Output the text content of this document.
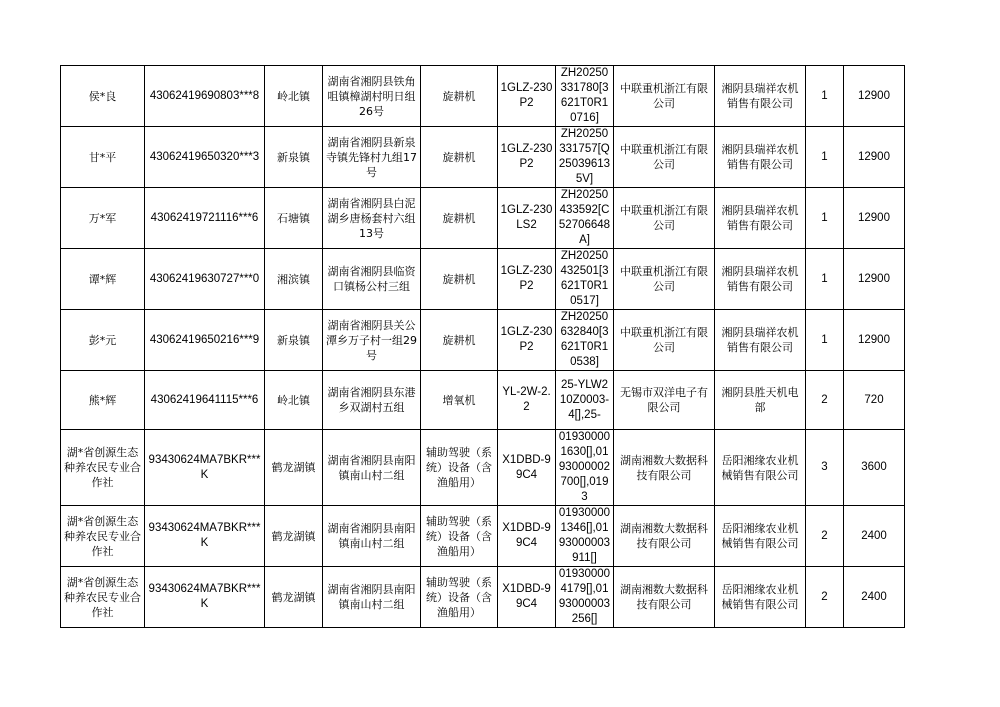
侯*良	43062419690803***8	岭北镇	湖南省湘阴县铁角咀镇樟湖村明日组26号	旋耕机	1GLZ-230P2	ZH20250331780[3621T0R10716]	中联重机浙江有限公司	湘阴县瑞祥农机销售有限公司	1	12900
甘*平	43062419650320***3	新泉镇	湖南省湘阴县新泉寺镇先锋村九组17号	旋耕机	1GLZ-230P2	ZH20250331757[Q250396135V]	中联重机浙江有限公司	湘阴县瑞祥农机销售有限公司	1	12900
万*军	43062419721116***6	石塘镇	湖南省湘阴县白泥湖乡唐杨套村六组13号	旋耕机	1GLZ-230LS2	ZH20250433592[C52706648A]	中联重机浙江有限公司	湘阴县瑞祥农机销售有限公司	1	12900
谭*辉	43062419630727***0	湘滨镇	湖南省湘阴县临资口镇杨公村三组	旋耕机	1GLZ-230P2	ZH20250432501[3621T0R10517]	中联重机浙江有限公司	湘阴县瑞祥农机销售有限公司	1	12900
彭*元	43062419650216***9	新泉镇	湖南省湘阴县关公潭乡万子村一组29号	旋耕机	1GLZ-230P2	ZH20250632840[3621T0R10538]	中联重机浙江有限公司	湘阴县瑞祥农机销售有限公司	1	12900
熊*辉	43062419641115***6	岭北镇	湖南省湘阴县东港乡双湖村五组	增氧机	YL-2W-2.2	25-YLW210Z0003-4[],25-	无锡市双洋电子有限公司	湘阴县胜天机电部	2	720
湖*省创源生态种养农民专业合作社	93430624MA7BKR***K	鹤龙湖镇	湖南省湘阴县南阳镇南山村二组	辅助驾驶（系统）设备（含渔船用）	X1DBD-99C4	019300001630[],0193000002700[],0193	湖南湘数大数据科技有限公司	岳阳湘缘农业机械销售有限公司	3	3600
湖*省创源生态种养农民专业合作社	93430624MA7BKR***K	鹤龙湖镇	湖南省湘阴县南阳镇南山村二组	辅助驾驶（系统）设备（含渔船用）	X1DBD-99C4	019300001346[],0193000003911[]	湖南湘数大数据科技有限公司	岳阳湘缘农业机械销售有限公司	2	2400
湖*省创源生态种养农民专业合作社	93430624MA7BKR***K	鹤龙湖镇	湖南省湘阴县南阳镇南山村二组	辅助驾驶（系统）设备（含渔船用）	X1DBD-99C4	019300004179[],0193000003256[]	湖南湘数大数据科技有限公司	岳阳湘缘农业机械销售有限公司	2	2400
